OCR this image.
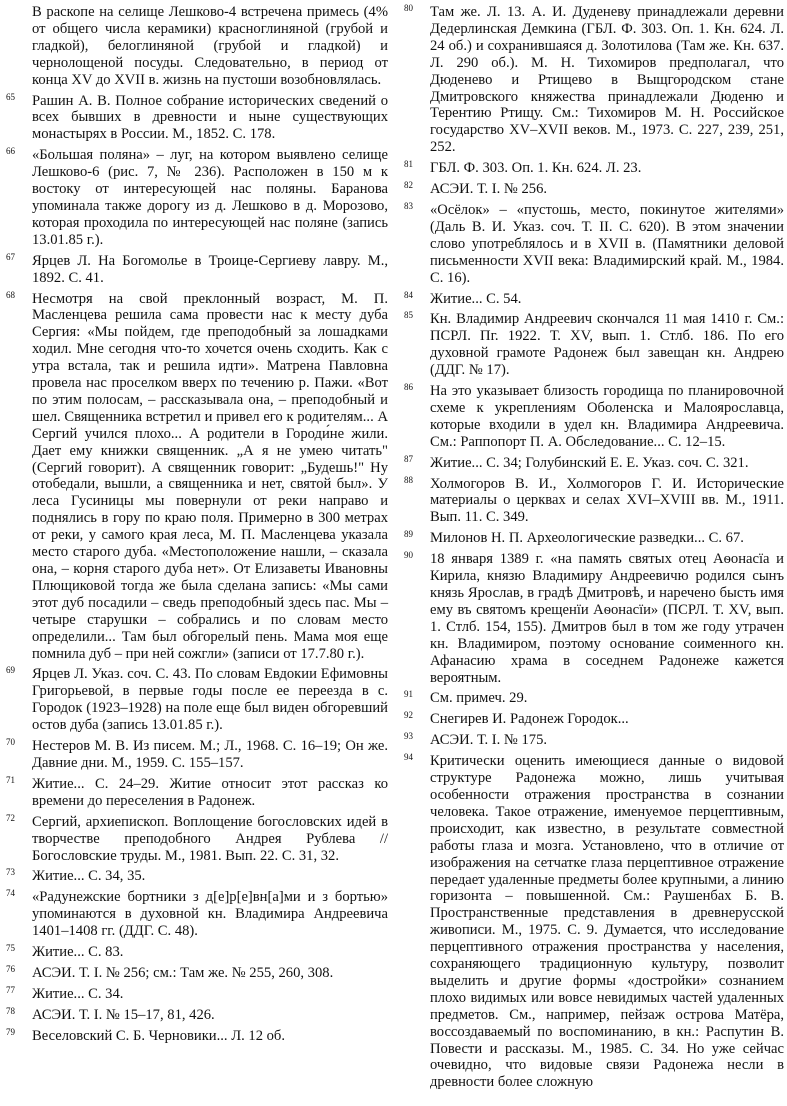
В раскопе на селище Лешково-4 встречена примесь (4% от общего числа керамики) красноглиняной (грубой и гладкой), белоглиняной (грубой и гладкой) и чернолощеной посуды. Следовательно, в период от конца XV до XVII в. жизнь на пустоши возобновлялась.
65	Рашин А. В. Полное собрание исторических сведений о всех бывших в древности и ныне существующих монастырях в России. М., 1852. С. 178.
66	«Большая поляна» – луг, на котором выявлено селище Лешково-6 (рис. 7, № 236). Расположен в 150 м к востоку от интересующей нас поляны. Баранова упоминала также дорогу из д. Лешково в д. Морозово, которая проходила по интересующей нас поляне (запись 13.01.85 г.).
67	Ярцев Л. На Богомолье в Троице-Сергиеву лавру. М., 1892. С. 41.
68	Несмотря на свой преклонный возраст, М. П. Масленцева решила сама провести нас к месту дуба Сергия: «Мы пойдем, где преподобный за лошадками ходил. Мне сегодня что-то хочется очень сходить. Как с утра встала, так и решила идти». Матрена Павловна провела нас проселком вверх по течению р. Пажи. «Вот по этим полосам, – рассказывала она, – преподобный и шел. Священника встретил и привел его к родителям... А Сергий учился плохо... А родители в Городи́не жили. Дает ему книжки священник. „А я не умею читать" (Сергий говорит). А священник говорит: „Будешь!" Ну отобедали, вышли, а священника и нет, святой был». У леса Гусиницы мы повернули от реки направо и поднялись в гору по краю поля. Примерно в 300 метрах от реки, у самого края леса, М. П. Масленцева указала место старого дуба. «Местоположение нашли, – сказала она, – корня старого дуба нет». От Елизаветы Ивановны Плющиковой тогда же была сделана запись: «Мы сами этот дуб посадили – сведь преподобный здесь пас. Мы – четыре старушки – собрались и по словам место определили... Там был обгорелый пень. Мама моя еще помнила дуб – при ней сожгли» (записи от 17.7.80 г.).
69	Ярцев Л. Указ. соч. С. 43. По словам Евдокии Ефимовны Григорьевой, в первые годы после ее переезда в с. Городок (1923–1928) на поле еще был виден обгоревший остов дуба (запись 13.01.85 г.).
70	Нестеров М. В. Из писем. М.; Л., 1968. С. 16–19; Он же. Давние дни. М., 1959. С. 155–157.
71	Житие... С. 24–29. Житие относит этот рассказ ко времени до переселения в Радонеж.
72	Сергий, архиепископ. Воплощение богословских идей в творчестве преподобного Андрея Рублева // Богословские труды. М., 1981. Вып. 22. С. 31, 32.
73	Житие... С. 34, 35.
74	«Радунежские бортники з д[е]р[е]вн[а]ми и з бортью» упоминаются в духовной кн. Владимира Андреевича 1401–1408 гг. (ДДГ. С. 48).
75	Житие... С. 83.
76	АСЭИ. Т. I. № 256; см.: Там же. № 255, 260, 308.
77	Житие... С. 34.
78	АСЭИ. Т. I. № 15–17, 81, 426.
79	Веселовский С. Б. Черновики... Л. 12 об.
80	Там же. Л. 13. А. И. Дуденеву принадлежали деревни Дедерлинская Демкина (ГБЛ. Ф. 303. Оп. 1. Кн. 624. Л. 24 об.) и сохранившаяся д. Золотилова (Там же. Кн. 637. Л. 290 об.). М. Н. Тихомиров предполагал, что Дюденево и Ртищево в Выщгородском стане Дмитровского княжества принадлежали Дюденю и Терентию Ртищу. См.: Тихомиров М. Н. Российское государство XV–XVII веков. М., 1973. С. 227, 239, 251, 252.
81	ГБЛ. Ф. 303. Оп. 1. Кн. 624. Л. 23.
82	АСЭИ. Т. I. № 256.
83	«Осёлок» – «пустошь, место, покинутое жителями» (Даль В. И. Указ. соч. Т. II. С. 620). В этом значении слово употреблялось и в XVII в. (Памятники деловой письменности XVII века: Владимирский край. М., 1984. С. 16).
84	Житие... С. 54.
85	Кн. Владимир Андреевич скончался 11 мая 1410 г. См.: ПСРЛ. Пг. 1922. Т. XV, вып. 1. Стлб. 186. По его духовной грамоте Радонеж был завещан кн. Андрею (ДДГ. № 17).
86	На это указывает близость городища по планировочной схеме к укреплениям Оболенска и Малоярославца, которые входили в удел кн. Владимира Андреевича. См.: Раппопорт П. А. Обследование... С. 12–15.
87	Житие... С. 34; Голубинский Е. Е. Указ. соч. С. 321.
88	Холмогоров В. И., Холмогоров Г. И. Исторические материалы о церквах и селах XVI–XVIII вв. М., 1911. Вып. 11. С. 349.
89	Милонов Н. П. Археологические разведки... С. 67.
90	18 января 1389 г. «на память святых отец Аѳонасїа и Кирила, князю Владимиру Андреевичю родился сынъ князь Ярослав, в градѣ Дмитровѣ, и наречено бысть имя ему въ святомъ крещенїи Аѳонасїи» (ПСРЛ. Т. XV, вып. 1. Стлб. 154, 155). Дмитров был в том же году утрачен кн. Владимиром, поэтому основание соименного кн. Афанасию храма в соседнем Радонеже кажется вероятным.
91	См. примеч. 29.
92	Снегирев И. Радонеж Городок...
93	АСЭИ. Т. I. № 175.
94	Критически оценить имеющиеся данные о видовой структуре Радонежа можно, лишь учитывая особенности отражения пространства в сознании человека. Такое отражение, именуемое перцептивным, происходит, как известно, в результате совместной работы глаза и мозга. Установлено, что в отличие от изображения на сетчатке глаза перцептивное отражение передает удаленные предметы более крупными, а линию горизонта – повышенной. См.: Раушенбах Б. В. Пространственные представления в древнерусской живописи. М., 1975. С. 9. Думается, что исследование перцептивного отражения пространства у населения, сохраняющего традиционную культуру, позволит выделить и другие формы «достройки» сознанием плохо видимых или вовсе невидимых частей удаленных предметов. См., например, пейзаж острова Матёра, воссоздаваемый по воспоминанию, в кн.: Распутин В. Повести и рассказы. М., 1985. С. 34. Но уже сейчас очевидно, что видовые связи Радонежа несли в древности более сложную
